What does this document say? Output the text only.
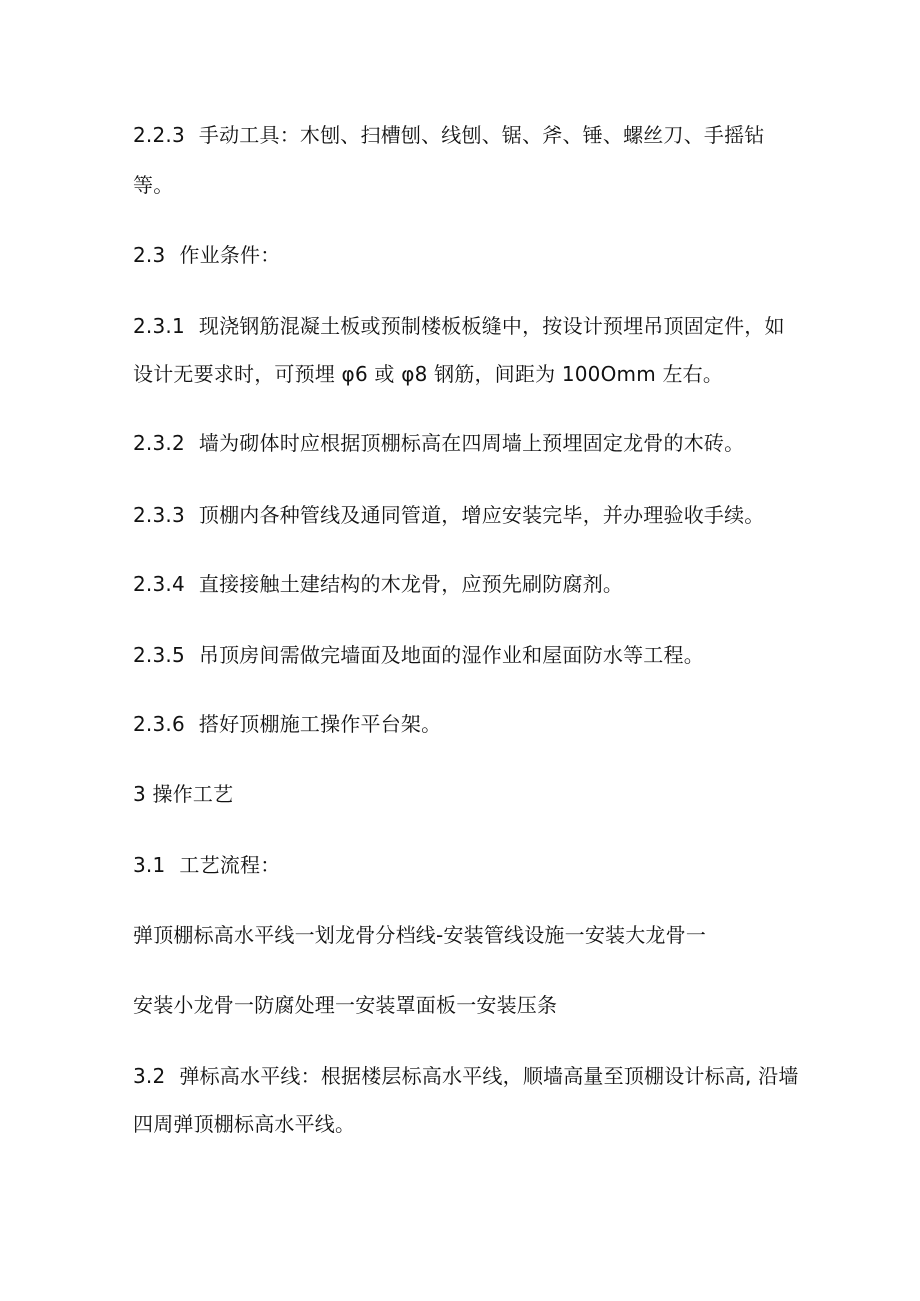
2.2.3 手动工具：木刨、扫槽刨、线刨、锯、斧、锤、螺丝刀、手摇钻
等。
2.3 作业条件：
2.3.1 现浇钢筋混凝土板或预制楼板板缝中，按设计预埋吊顶固定件，如
设计无要求时，可预埋 φ6 或 φ8 钢筋，间距为 100Omm 左右。
2.3.2 墙为砌体时应根据顶棚标高在四周墙上预埋固定龙骨的木砖。
2.3.3 顶棚内各种管线及通同管道，增应安装完毕，并办理验收手续。
2.3.4 直接接触土建结构的木龙骨，应预先刷防腐剂。
2.3.5 吊顶房间需做完墙面及地面的湿作业和屋面防水等工程。
2.3.6 搭好顶棚施工操作平台架。
3 操作工艺
3.1 工艺流程：
弹顶棚标高水平线一划龙骨分档线-安装管线设施一安装大龙骨一
安装小龙骨一防腐处理一安装罩面板一安装压条
3.2 弹标高水平线：根据楼层标高水平线，顺墙高量至顶棚设计标高, 沿墙
四周弹顶棚标高水平线。
